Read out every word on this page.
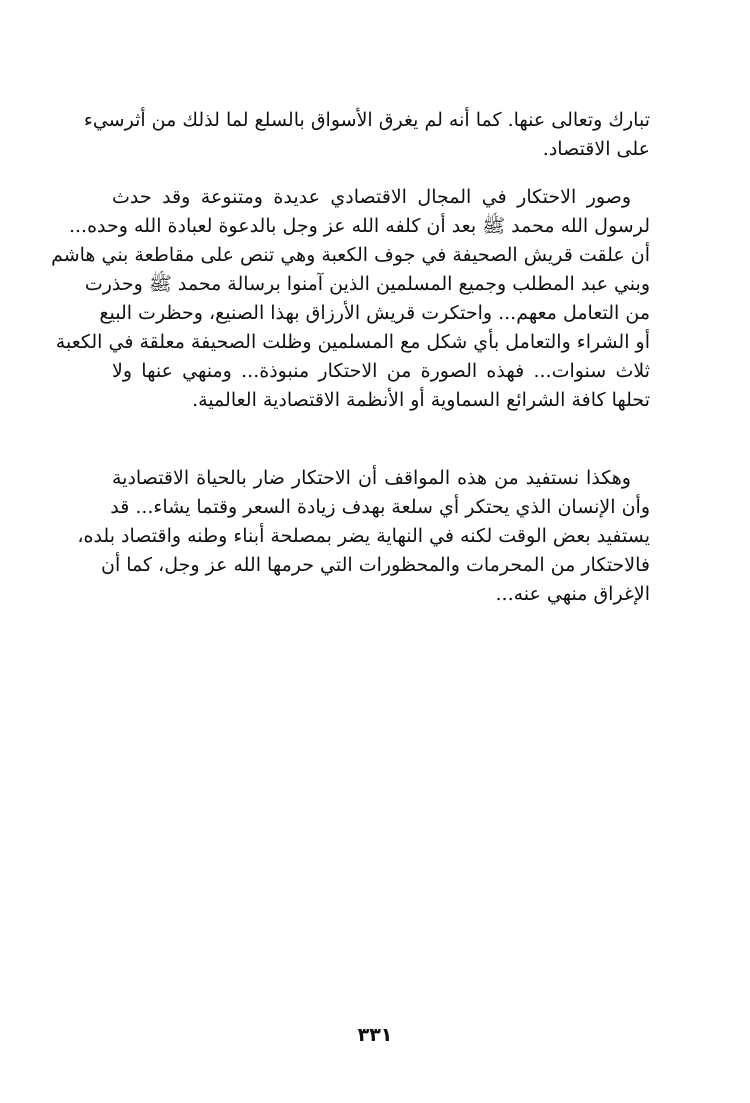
تبارك وتعالى عنها. كما أنه لم يغرق الأسواق بالسلع لما لذلك من أثرسيء
على الاقتصاد.
وصور الاحتكار في المجال الاقتصادي عديدة ومتنوعة وقد حدث
لرسول الله محمد ﷺ بعد أن كلفه الله عز وجل بالدعوة لعبادة الله وحده...
أن علقت قريش الصحيفة في جوف الكعبة وهي تنص على مقاطعة بني هاشم
وبني عبد المطلب وجميع المسلمين الذين آمنوا برسالة محمد ﷺ وحذرت
من التعامل معهم... واحتكرت قريش الأرزاق بهذا الصنيع، وحظرت البيع
أو الشراء والتعامل بأي شكل مع المسلمين وظلت الصحيفة معلقة في الكعبة
ثلاث سنوات... فهذه الصورة من الاحتكار منبوذة... ومنهي عنها ولا
تحلها كافة الشرائع السماوية أو الأنظمة الاقتصادية العالمية.
وهكذا نستفيد من هذه المواقف أن الاحتكار ضار بالحياة الاقتصادية
وأن الإنسان الذي يحتكر أي سلعة بهدف زيادة السعر وقتما يشاء... قد
يستفيد بعض الوقت لكنه في النهاية يضر بمصلحة أبناء وطنه واقتصاد بلده،
فالاحتكار من المحرمات والمحظورات التي حرمها الله عز وجل، كما أن
الإغراق منهي عنه...
٣٣١
